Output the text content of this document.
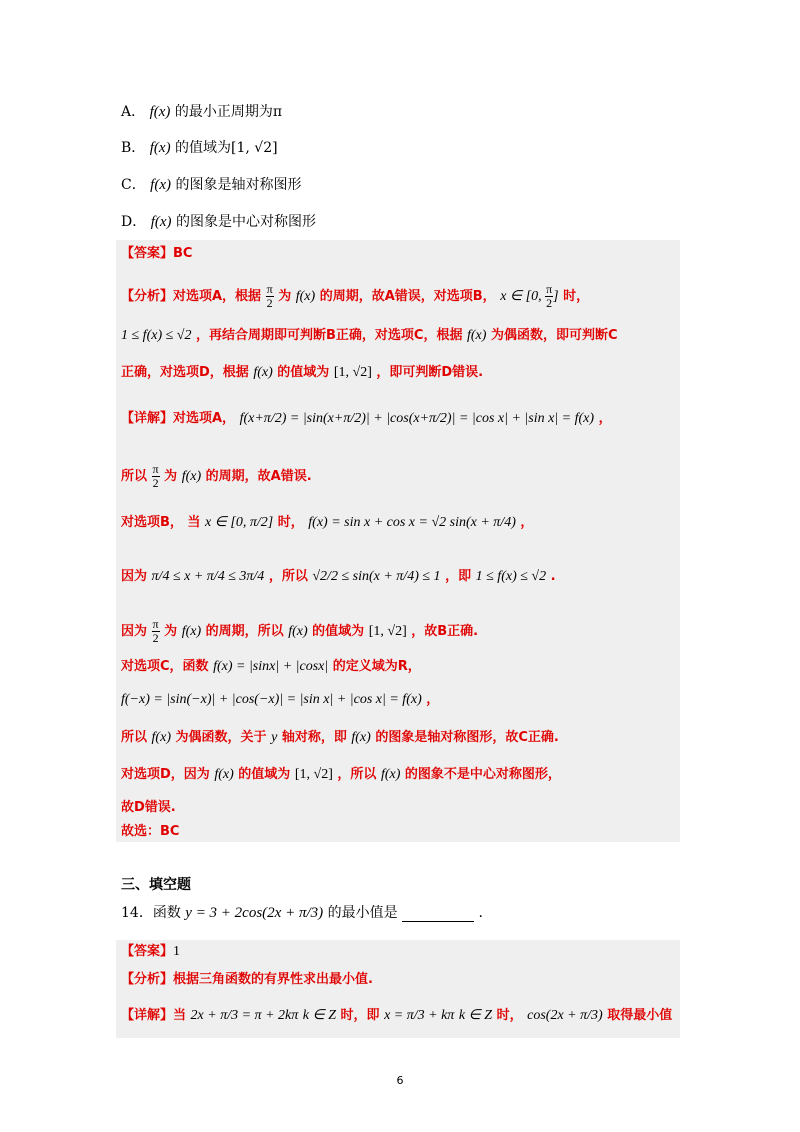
A． f(x) 的最小正周期为π
B． f(x) 的值域为[1, √2]
C． f(x) 的图象是轴对称图形
D． f(x) 的图象是中心对称图形
【答案】BC
【分析】对选项A，根据 $\frac{\pi}{2}$ 为 f(x) 的周期，故A错误，对选项B， x ∈ [0, $\frac{\pi}{2}$ ] 时，
1 ≤ f(x) ≤ √2 ，再结合周期即可判断B正确，对选项C，根据 f(x) 为偶函数，即可判断C
正确，对选项D，根据 f(x) 的值域为 [1, √2] ，即可判断D错误.
【详解】对选项A， f(x+π/2) = |sin(x+π/2)| + |cos(x+π/2)| = |cos x| + |sin x| = f(x) ，
所以 $\frac{\pi}{2}$ 为 f(x) 的周期，故A错误.
对选项B， 当 x ∈ [0, π/2] 时， f(x) = sin x + cos x = √2 sin(x + π/4) ，
因为 π/4 ≤ x + π/4 ≤ 3π/4 ，所以 √2/2 ≤ sin(x + π/4) ≤ 1 ，即 1 ≤ f(x) ≤ √2 .
因为 $\frac{\pi}{2}$ 为 f(x) 的周期，所以 f(x) 的值域为 [1, √2] ，故B正确.
对选项C，函数 f(x) = |sinx| + |cosx| 的定义域为R，
f(−x) = |sin(−x)| + |cos(−x)| = |sin x| + |cos x| = f(x) ，
所以 f(x) 为偶函数，关于 y 轴对称，即 f(x) 的图象是轴对称图形，故C正确.
对选项D，因为 f(x) 的值域为 [1, √2] ，所以 f(x) 的图象不是中心对称图形，
故D错误.
故选：BC
三、填空题
14．函数 y = 3 + 2cos(2x + π/3) 的最小值是	.
【答案】1
【分析】根据三角函数的有界性求出最小值.
【详解】当 2x + π/3 = π + 2kπ k ∈ Z 时，即 x = π/3 + kπ k ∈ Z 时， cos(2x + π/3) 取得最小值
6
